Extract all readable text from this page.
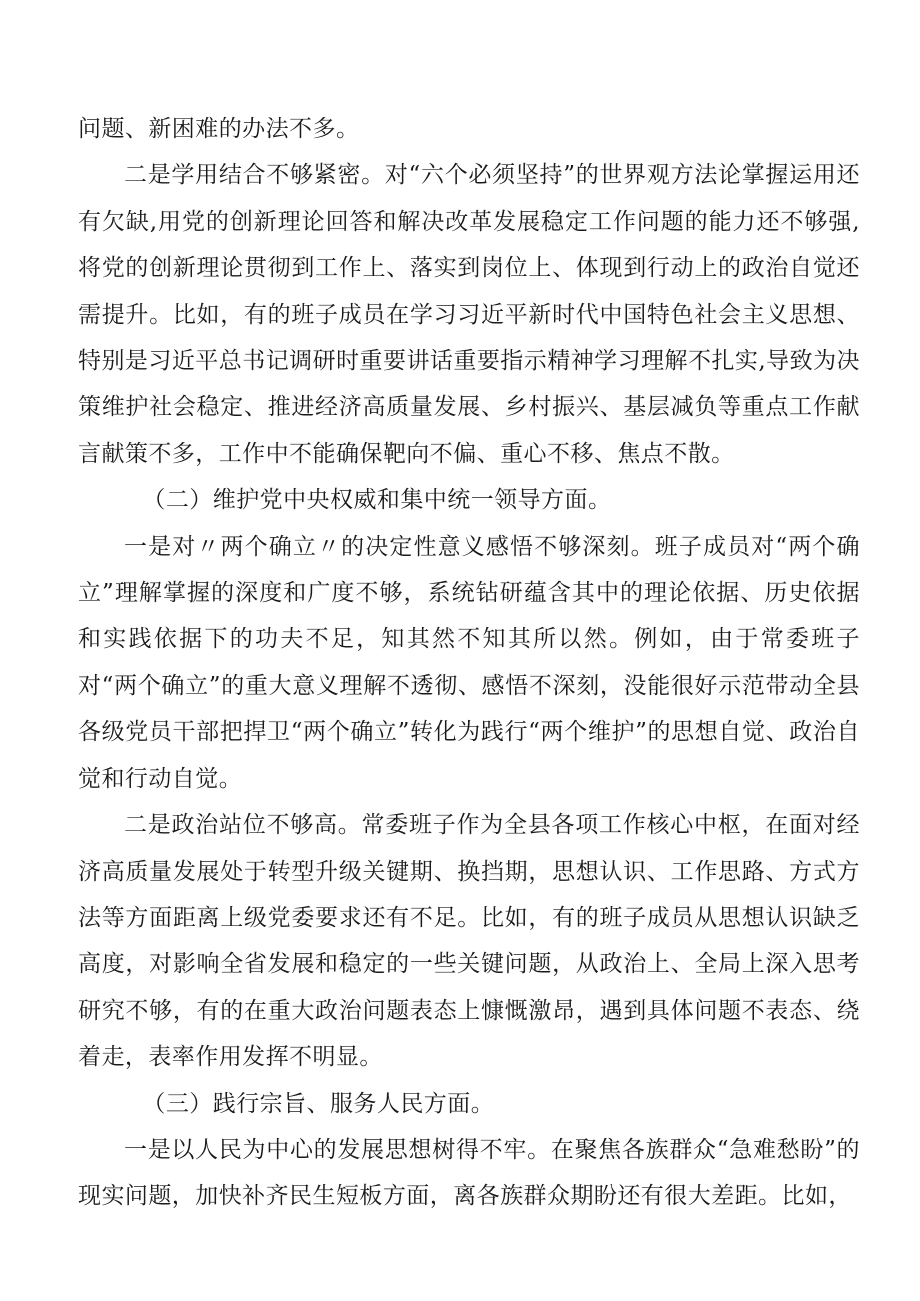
问题、新困难的办法不多。

二是学用结合不够紧密。对“六个必须坚持”的世界观方法论掌握运用还有欠缺,用党的创新理论回答和解决改革发展稳定工作问题的能力还不够强,将党的创新理论贯彻到工作上、落实到岗位上、体现到行动上的政治自觉还需提升。比如，有的班子成员在学习习近平新时代中国特色社会主义思想、特别是习近平总书记调研时重要讲话重要指示精神学习理解不扎实,导致为决策维护社会稳定、推进经济高质量发展、乡村振兴、基层减负等重点工作献言献策不多，工作中不能确保靶向不偏、重心不移、焦点不散。

（二）维护党中央权威和集中统一领导方面。

一是对〃两个确立〃的决定性意义感悟不够深刻。班子成员对“两个确立”理解掌握的深度和广度不够，系统钻研蕴含其中的理论依据、历史依据和实践依据下的功夫不足，知其然不知其所以然。例如，由于常委班子对“两个确立”的重大意义理解不透彻、感悟不深刻，没能很好示范带动全县各级党员干部把捍卫“两个确立”转化为践行“两个维护”的思想自觉、政治自觉和行动自觉。

二是政治站位不够高。常委班子作为全县各项工作核心中枢，在面对经济高质量发展处于转型升级关键期、换挡期，思想认识、工作思路、方式方法等方面距离上级党委要求还有不足。比如，有的班子成员从思想认识缺乏高度，对影响全省发展和稳定的一些关键问题，从政治上、全局上深入思考研究不够，有的在重大政治问题表态上慷慨激昂，遇到具体问题不表态、绕着走，表率作用发挥不明显。

（三）践行宗旨、服务人民方面。

一是以人民为中心的发展思想树得不牢。在聚焦各族群众“急难愁盼”的现实问题，加快补齐民生短板方面，离各族群众期盼还有很大差距。比如，
